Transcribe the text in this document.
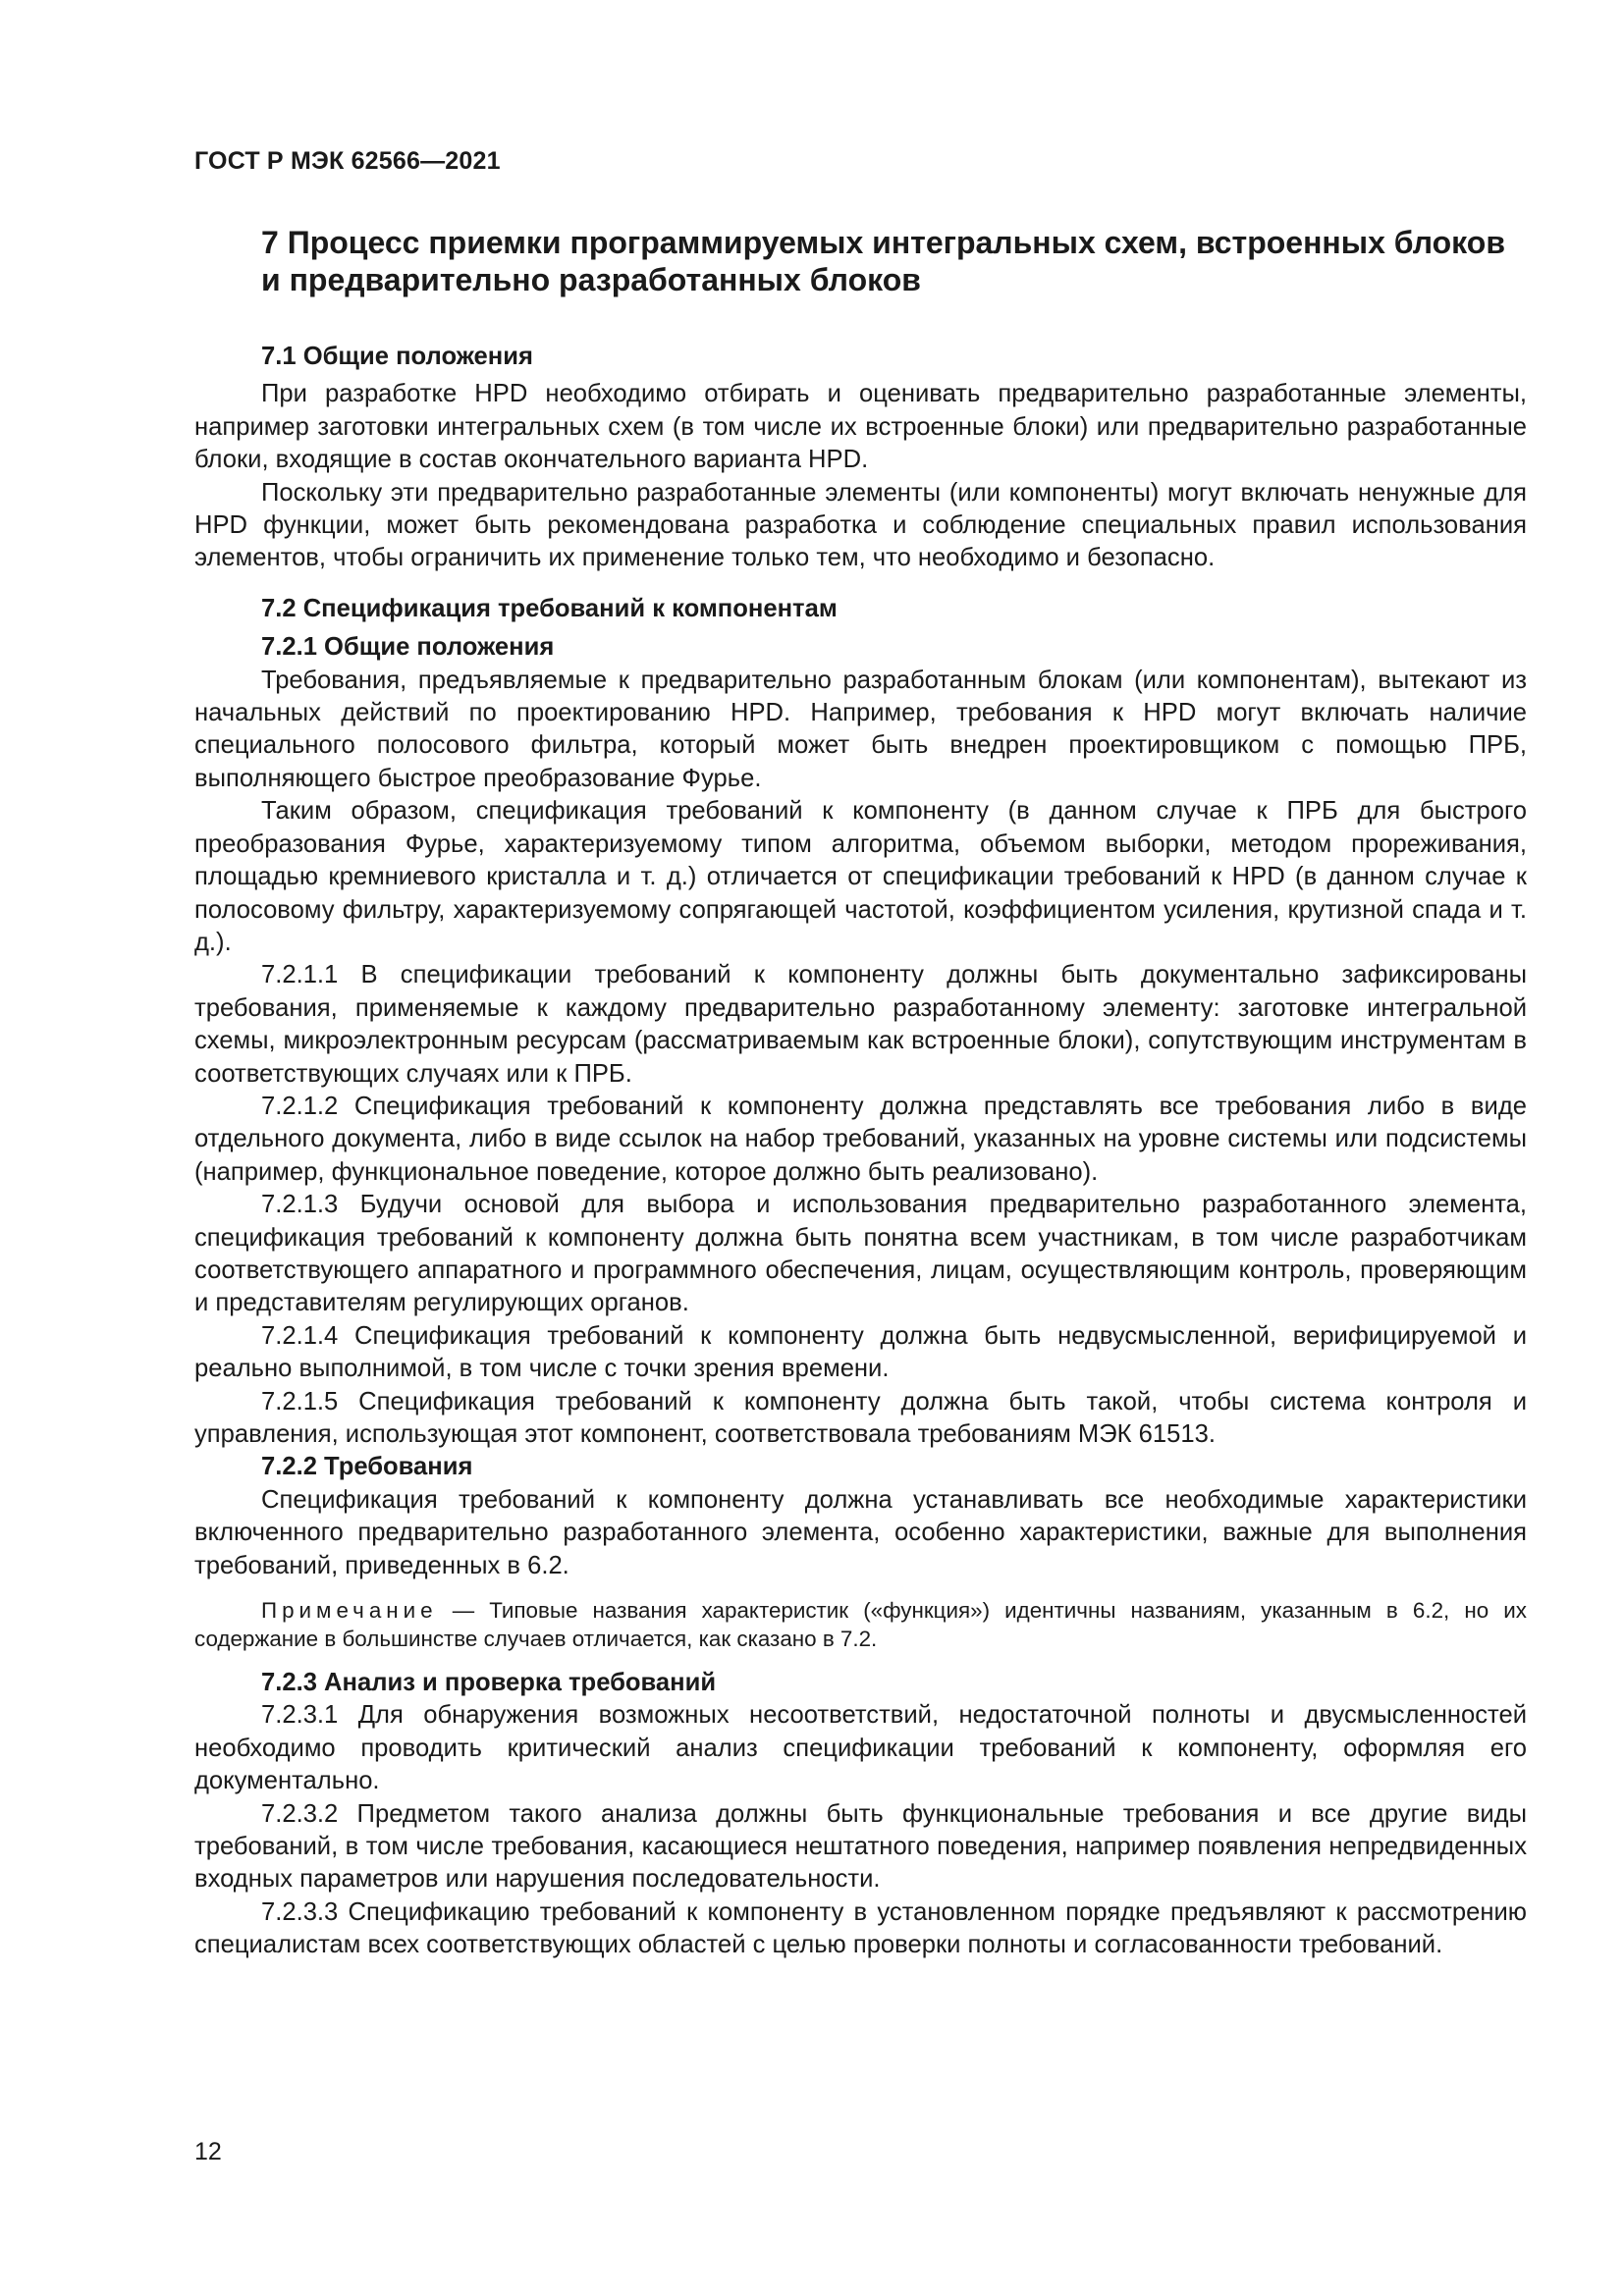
ГОСТ Р МЭК 62566—2021
7 Процесс приемки программируемых интегральных схем, встроенных блоков и предварительно разработанных блоков
7.1 Общие положения

При разработке HPD необходимо отбирать и оценивать предварительно разработанные элементы, например заготовки интегральных схем (в том числе их встроенные блоки) или предварительно разработанные блоки, входящие в состав окончательного варианта HPD.

Поскольку эти предварительно разработанные элементы (или компоненты) могут включать ненужные для HPD функции, может быть рекомендована разработка и соблюдение специальных правил использования элементов, чтобы ограничить их применение только тем, что необходимо и безопасно.

7.2 Спецификация требований к компонентам
7.2.1 Общие положения

Требования, предъявляемые к предварительно разработанным блокам (или компонентам), вытекают из начальных действий по проектированию HPD. Например, требования к HPD могут включать наличие специального полосового фильтра, который может быть внедрен проектировщиком с помощью ПРБ, выполняющего быстрое преобразование Фурье.

Таким образом, спецификация требований к компоненту (в данном случае к ПРБ для быстрого преобразования Фурье, характеризуемому типом алгоритма, объемом выборки, методом прореживания, площадью кремниевого кристалла и т. д.) отличается от спецификации требований к HPD (в данном случае к полосовому фильтру, характеризуемому сопрягающей частотой, коэффициентом усиления, крутизной спада и т. д.).

7.2.1.1 В спецификации требований к компоненту должны быть документально зафиксированы требования, применяемые к каждому предварительно разработанному элементу: заготовке интегральной схемы, микроэлектронным ресурсам (рассматриваемым как встроенные блоки), сопутствующим инструментам в соответствующих случаях или к ПРБ.

7.2.1.2 Спецификация требований к компоненту должна представлять все требования либо в виде отдельного документа, либо в виде ссылок на набор требований, указанных на уровне системы или подсистемы (например, функциональное поведение, которое должно быть реализовано).

7.2.1.3 Будучи основой для выбора и использования предварительно разработанного элемента, спецификация требований к компоненту должна быть понятна всем участникам, в том числе разработчикам соответствующего аппаратного и программного обеспечения, лицам, осуществляющим контроль, проверяющим и представителям регулирующих органов.

7.2.1.4 Спецификация требований к компоненту должна быть недвусмысленной, верифицируемой и реально выполнимой, в том числе с точки зрения времени.

7.2.1.5 Спецификация требований к компоненту должна быть такой, чтобы система контроля и управления, использующая этот компонент, соответствовала требованиям МЭК 61513.

7.2.2 Требования

Спецификация требований к компоненту должна устанавливать все необходимые характеристики включенного предварительно разработанного элемента, особенно характеристики, важные для выполнения требований, приведенных в 6.2.

Примечание — Типовые названия характеристик («функция») идентичны названиям, указанным в 6.2, но их содержание в большинстве случаев отличается, как сказано в 7.2.
7.2.3 Анализ и проверка требований

7.2.3.1 Для обнаружения возможных несоответствий, недостаточной полноты и двусмысленностей необходимо проводить критический анализ спецификации требований к компоненту, оформляя его документально.

7.2.3.2 Предметом такого анализа должны быть функциональные требования и все другие виды требований, в том числе требования, касающиеся нештатного поведения, например появления непредвиденных входных параметров или нарушения последовательности.

7.2.3.3 Спецификацию требований к компоненту в установленном порядке предъявляют к рассмотрению специалистам всех соответствующих областей с целью проверки полноты и согласованности требований.

12
